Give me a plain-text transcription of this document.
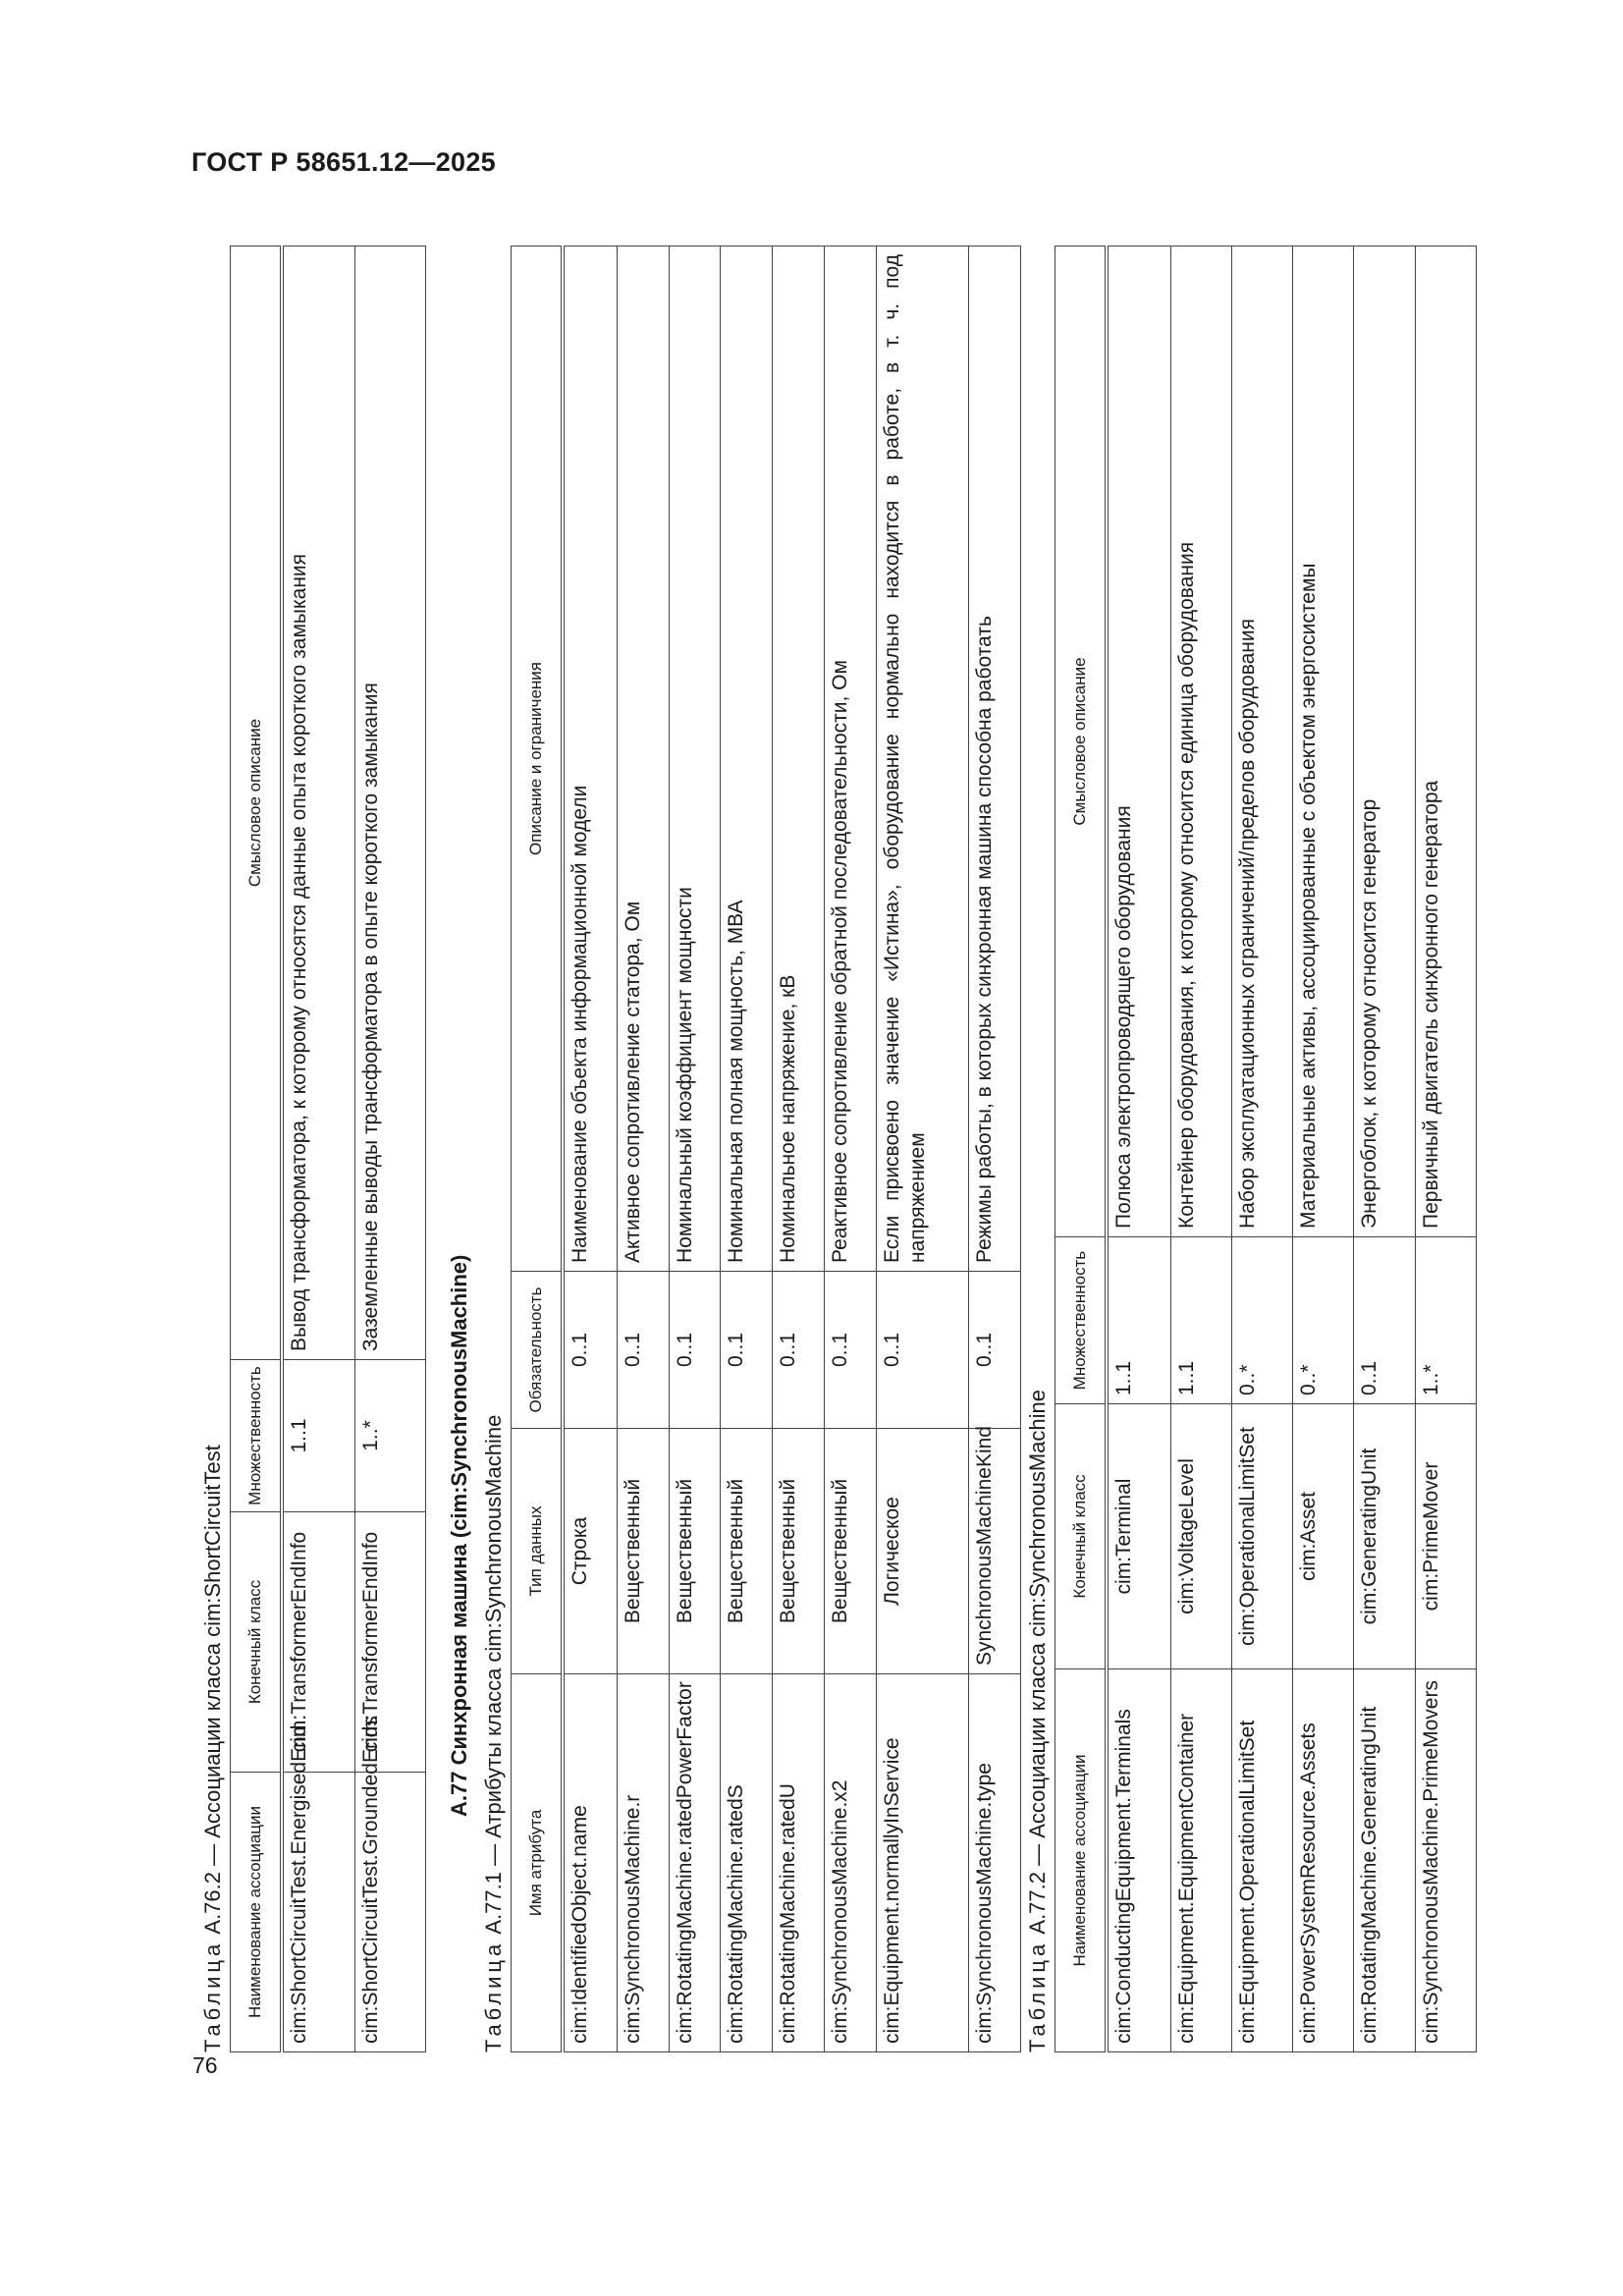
ГОСТ Р 58651.12—2025
76
Таблица А.76.2 — Ассоциации класса cim:ShortCircuitTest Наименование ассоциации	Конечный класс	Множественность	Смысловое описание
cim:ShortCircuitTest.EnergisedEnd	cim:TransformerEndInfo	1..1	Вывод трансформатора, к которому относятся данные опыта короткого замыкания
cim:ShortCircuitTest.GroundedEnds	cim:TransformerEndInfo	1..*	Заземленные выводы трансформатора в опыте короткого замыкания
А.77 Синхронная машина (cim:SynchronousMachine)
Таблица А.77.1 — Атрибуты класса cim:SynchronousMachine Имя атрибута	Тип данных	Обязательность	Описание и ограничения
cim:IdentifiedObject.name	Строка	0..1	Наименование объекта информационной модели
cim:SynchronousMachine.r	Вещественный	0..1	Активное сопротивление статора, Ом
cim:RotatingMachine.ratedPowerFactor	Вещественный	0..1	Номинальный коэффициент мощности
cim:RotatingMachine.ratedS	Вещественный	0..1	Номинальная полная мощность, МВА
cim:RotatingMachine.ratedU	Вещественный	0..1	Номинальное напряжение, кВ
cim:SynchronousMachine.x2	Вещественный	0..1	Реактивное сопротивление обратной последовательности, Ом
cim:Equipment.normallyInService	Логическое	0..1	Если присвоено значение «Истина», оборудование нормально находится в работе, в т. ч. под напряжением
cim:SynchronousMachine.type	SynchronousMachineKind	0..1	Режимы работы, в которых синхронная машина способна работать
Таблица А.77.2 — Ассоциации класса cim:SynchronousMachine Наименование ассоциации	Конечный класс	Множественность	Смысловое описание
cim:ConductingEquipment.Terminals	cim:Terminal	1..1	Полюса электропроводящего оборудования
cim:Equipment.EquipmentContainer	cim:VoltageLevel	1..1	Контейнер оборудования, к которому относится единица оборудования
cim:Equipment.OperationalLimitSet	cim:OperationalLimitSet	0..*	Набор эксплуатационных ограничений/пределов оборудования
cim:PowerSystemResource.Assets	cim:Asset	0..*	Материальные активы, ассоциированные с объектом энергосистемы
cim:RotatingMachine.GeneratingUnit	cim:GeneratingUnit	0..1	Энергоблок, к которому относится генератор
cim:SynchronousMachine.PrimeMovers	cim:PrimeMover	1..*	Первичный двигатель синхронного генератора
